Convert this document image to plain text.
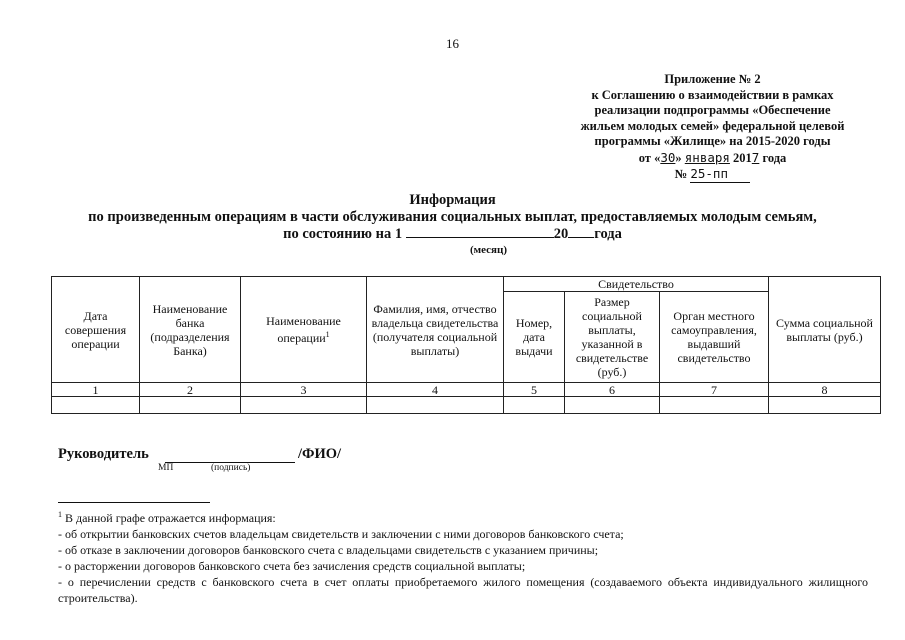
16
Приложение № 2
к Соглашению о взаимодействии в рамках
реализации подпрограммы «Обеспечение
жильем молодых семей» федеральной целевой
программы «Жилище» на 2015-2020 годы
от «30» января 2017 года
№ 25-пп
Информация
по произведенным операциям в части обслуживания социальных выплат, предоставляемых молодым семьям,
по состоянию на 1	20 года
(месяц)
Дата совершения операции	Наименование банка (подразделения Банка)	Наименование операции$^1$	Фамилия, имя, отчество владельца свидетельства (получателя социальной выплаты)	Свидетельство			Сумма социальной выплаты (руб.)
				Номер, дата выдачи	Размер социальной выплаты, указанной в свидетельстве (руб.)	Орган местного самоуправления, выдавший свидетельство	
1	2	3	4	5	6	7	8

Руководитель	/ФИО/
МП	(подпись)
$^1$ В данной графе отражается информация:
- об открытии банковских счетов владельцам свидетельств и заключении с ними договоров банковского счета;
- об отказе в заключении договоров банковского счета с владельцами свидетельств с указанием причины;
- о расторжении договоров банковского счета без зачисления средств социальной выплаты;
- о перечислении средств с банковского счета в счет оплаты приобретаемого жилого помещения (создаваемого объекта индивидуального жилищного строительства).
